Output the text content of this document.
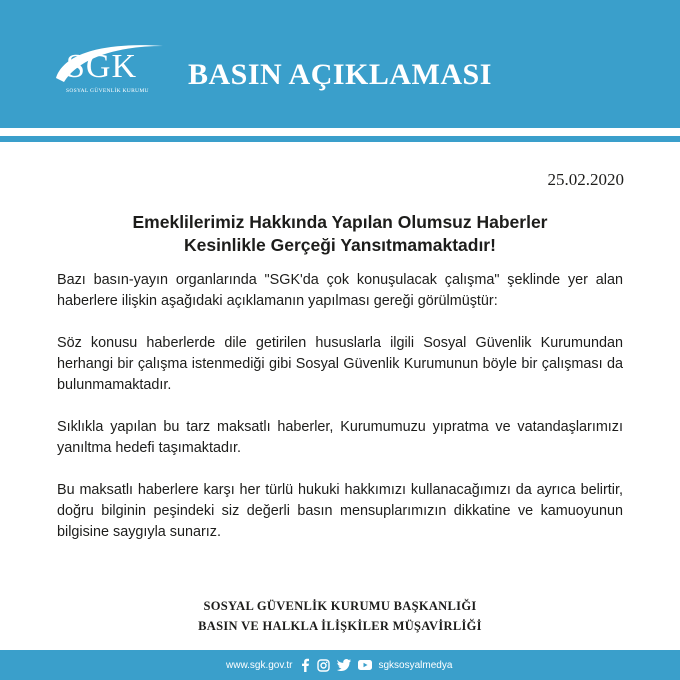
SGK
SOSYAL GÜVENLİK KURUMU BASIN AÇIKLAMASI
25.02.2020
Emeklilerimiz Hakkında Yapılan Olumsuz Haberler
Kesinlikle Gerçeği Yansıtmamaktadır!

Bazı basın-yayın organlarında "SGK'da çok konuşulacak çalışma" şeklinde yer alan haberlere ilişkin aşağıdaki açıklamanın yapılması gereği görülmüştür:

Söz konusu haberlerde dile getirilen hususlarla ilgili Sosyal Güvenlik Kurumundan herhangi bir çalışma istenmediği gibi Sosyal Güvenlik Kurumunun böyle bir çalışması da bulunmamaktadır.

Sıklıkla yapılan bu tarz maksatlı haberler, Kurumumuzu yıpratma ve vatandaşlarımızı yanıltma hedefi taşımaktadır.

Bu maksatlı haberlere karşı her türlü hukuki hakkımızı kullanacağımızı da ayrıca belirtir, doğru bilginin peşindeki siz değerli basın mensuplarımızın dikkatine ve kamuoyunun bilgisine saygıyla sunarız.

SOSYAL GÜVENLİK KURUMU BAŞKANLIĞI
BASIN VE HALKLA İLİŞKİLER MÜŞAVİRLİĞİ
www.sgk.gov.tr	sgksosyalmedya
